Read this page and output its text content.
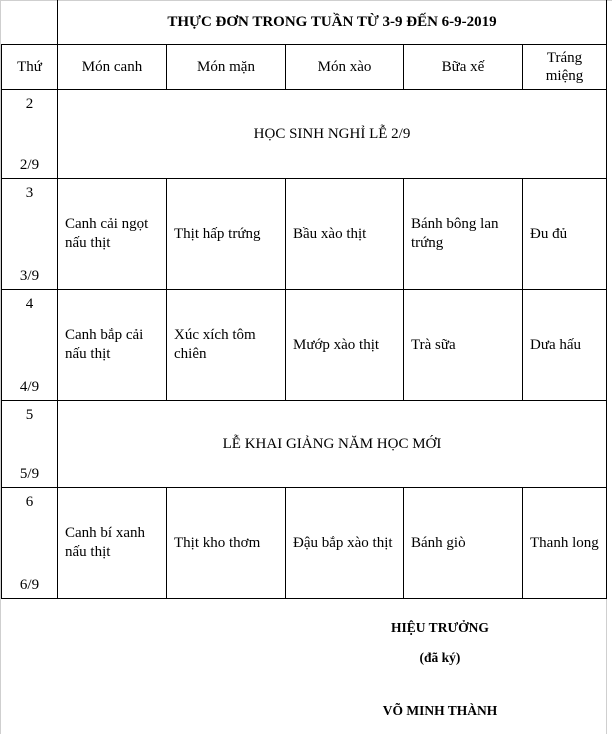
	THỰC ĐƠN TRONG TUẦN TỪ 3-9 ĐẾN 6-9-2019				
Thứ	Món canh	Món mặn	Món xào	Bữa xế	Tráng
miệng

2
2/9	HỌC SINH NGHỈ LỄ 2/9				

3
3/9	Canh cải ngọt nấu thịt	Thịt hấp trứng	Bầu xào thịt	Bánh bông lan trứng	Đu đủ

4
4/9	Canh bắp cải nấu thịt	Xúc xích tôm chiên	Mướp xào thịt	Trà sữa	Dưa hấu

5
5/9	LỄ KHAI GIẢNG NĂM HỌC MỚI				

6
6/9	Canh bí xanh nấu thịt	Thịt kho thơm	Đậu bắp xào thịt	Bánh giò	Thanh long
HIỆU TRƯỞNG
(đã ký)
VÕ MINH THÀNH
